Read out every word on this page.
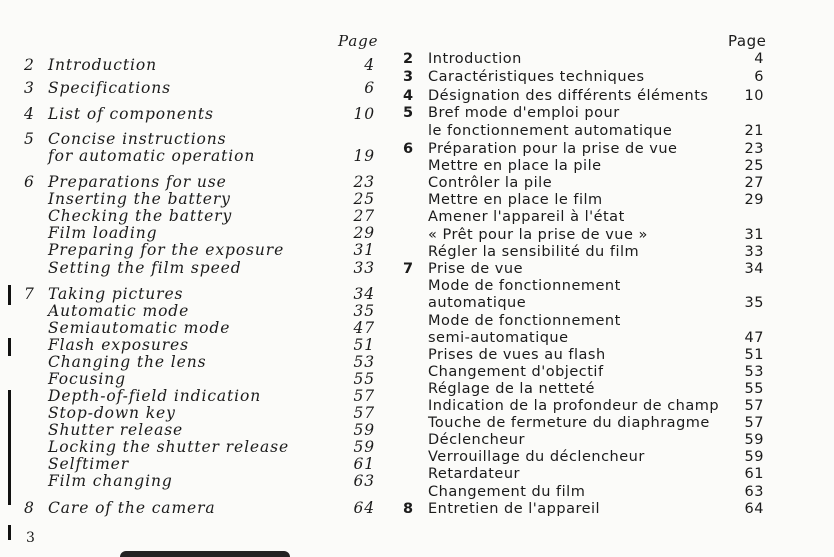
Page
2 Introduction	4
3 Specifications	6
4 List of components	10
5 Concise instructions
for automatic operation	19
6 Preparations for use	23
Inserting the battery	25
Checking the battery	27
Film loading	29
Preparing for the exposure	31
Setting the film speed	33
7 Taking pictures	34
Automatic mode	35
Semiautomatic mode	47
Flash exposures	51
Changing the lens	53
Focusing	55
Depth-of-field indication	57
Stop-down key	57
Shutter release	59
Locking the shutter release	59
Selftimer	61
Film changing	63
8 Care of the camera	64
Page
2 Introduction	4
3 Caractéristiques techniques	6
4 Désignation des différents éléments	10
5 Bref mode d'emploi pour
le fonctionnement automatique	21
6 Préparation pour la prise de vue	23
Mettre en place la pile	25
Contrôler la pile	27
Mettre en place le film	29
Amener l'appareil à l'état
« Prêt pour la prise de vue »	31
Régler la sensibilité du film	33
7 Prise de vue	34
Mode de fonctionnement
automatique	35
Mode de fonctionnement
semi-automatique	47
Prises de vues au flash	51
Changement d'objectif	53
Réglage de la netteté	55
Indication de la profondeur de champ	57
Touche de fermeture du diaphragme	57
Déclencheur	59
Verrouillage du déclencheur	59
Retardateur	61
Changement du film	63
8 Entretien de l'appareil	64
3
